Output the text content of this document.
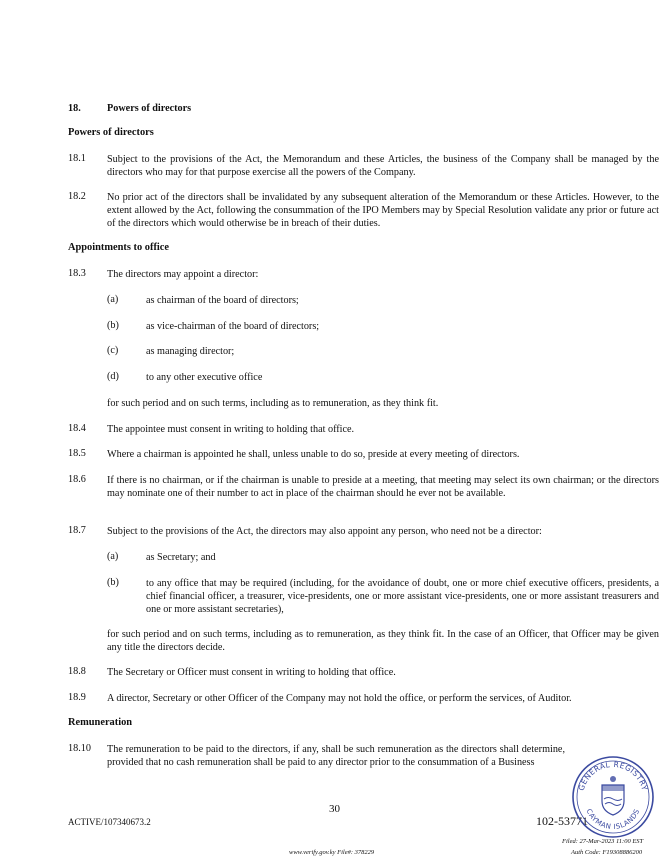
18.	Powers of directors
Powers of directors
18.1 Subject to the provisions of the Act, the Memorandum and these Articles, the business of the Company shall be managed by the directors who may for that purpose exercise all the powers of the Company.
18.2 No prior act of the directors shall be invalidated by any subsequent alteration of the Memorandum or these Articles. However, to the extent allowed by the Act, following the consummation of the IPO Members may by Special Resolution validate any prior or future act of the directors which would otherwise be in breach of their duties.
Appointments to office
18.3 The directors may appoint a director:
(a)	as chairman of the board of directors;
(b)	as vice-chairman of the board of directors;
(c)	as managing director;
(d)	to any other executive office
for such period and on such terms, including as to remuneration, as they think fit.
18.4 The appointee must consent in writing to holding that office.
18.5 Where a chairman is appointed he shall, unless unable to do so, preside at every meeting of directors.
18.6 If there is no chairman, or if the chairman is unable to preside at a meeting, that meeting may select its own chairman; or the directors may nominate one of their number to act in place of the chairman should he ever not be available.
18.7 Subject to the provisions of the Act, the directors may also appoint any person, who need not be a director:
(a)	as Secretary; and
(b)	to any office that may be required (including, for the avoidance of doubt, one or more chief executive officers, presidents, a chief financial officer, a treasurer, vice-presidents, one or more assistant vice-presidents, one or more assistant treasurers and one or more assistant secretaries),
for such period and on such terms, including as to remuneration, as they think fit. In the case of an Officer, that Officer may be given any title the directors decide.
18.8 The Secretary or Officer must consent in writing to holding that office.
18.9 A director, Secretary or other Officer of the Company may not hold the office, or perform the services, of Auditor.
Remuneration
18.10 The remuneration to be paid to the directors, if any, shall be such remuneration as the directors shall determine, provided that no cash remuneration shall be paid to any director prior to the consummation of a Business
30
ACTIVE/107340673.2	102-53771
Filed: 27-Mar-2023 11:00 EST
Auth Code: F19308886200
www.verify.gov.ky File#: 378229
GENERAL REGISTRY
CAYMAN ISLANDS
